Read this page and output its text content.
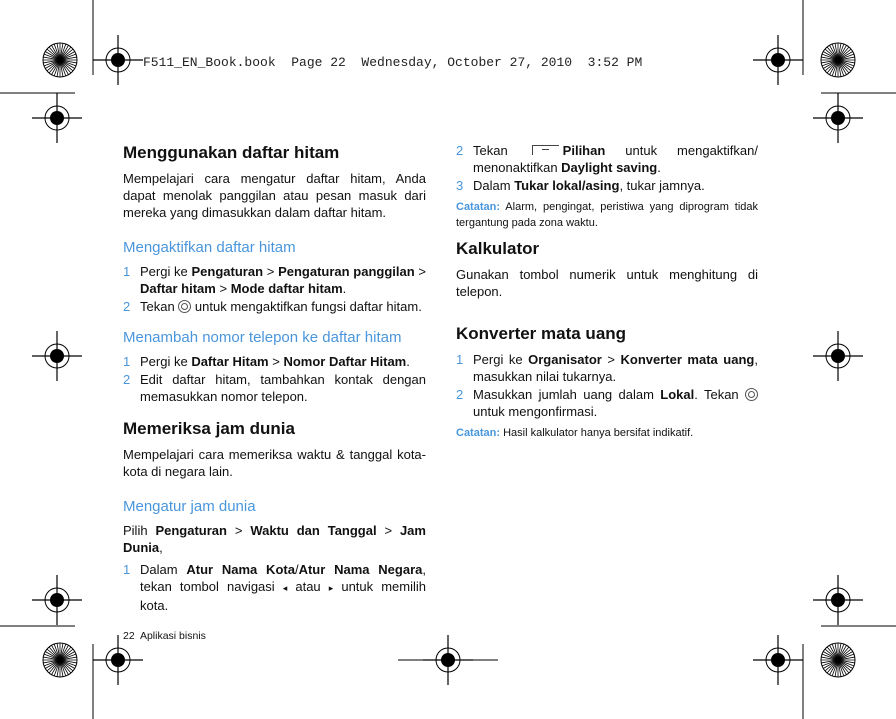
F511_EN_Book.book  Page 22  Wednesday, October 27, 2010  3:52 PM
Menggunakan daftar hitam

Mempelajari cara mengatur daftar hitam, Anda dapat menolak panggilan atau pesan masuk dari mereka yang dimasukkan dalam daftar hitam.

Mengaktifkan daftar hitam
1 Pergi ke Pengaturan > Pengaturan panggilan > Daftar hitam > Mode daftar hitam.
2 Tekan  untuk mengaktifkan fungsi daftar hitam.
Menambah nomor telepon ke daftar hitam
1 Pergi ke Daftar Hitam > Nomor Daftar Hitam.
2 Edit daftar hitam, tambahkan kontak dengan memasukkan nomor telepon.
Memeriksa jam dunia

Mempelajari cara memeriksa waktu & tanggal kota-kota di negara lain.

Mengatur jam dunia

Pilih Pengaturan > Waktu dan Tanggal > Jam Dunia,

1 Dalam Atur Nama Kota/Atur Nama Negara, tekan tombol navigasi ◂ atau ▸ untuk memilih kota.
22 Aplikasi bisnis
2 Tekan	Pilihan untuk mengaktifkan/ menonaktifkan Daylight saving.
3 Dalam Tukar lokal/asing, tukar jamnya.
Catatan: Alarm, pengingat, peristiwa yang diprogram tidak tergantung pada zona waktu.
Kalkulator

Gunakan tombol numerik untuk menghitung di telepon.

Konverter mata uang
1 Pergi ke Organisator > Konverter mata uang, masukkan nilai tukarnya.
2 Masukkan jumlah uang dalam Lokal. Tekan  untuk mengonfirmasi.
Catatan: Hasil kalkulator hanya bersifat indikatif.
